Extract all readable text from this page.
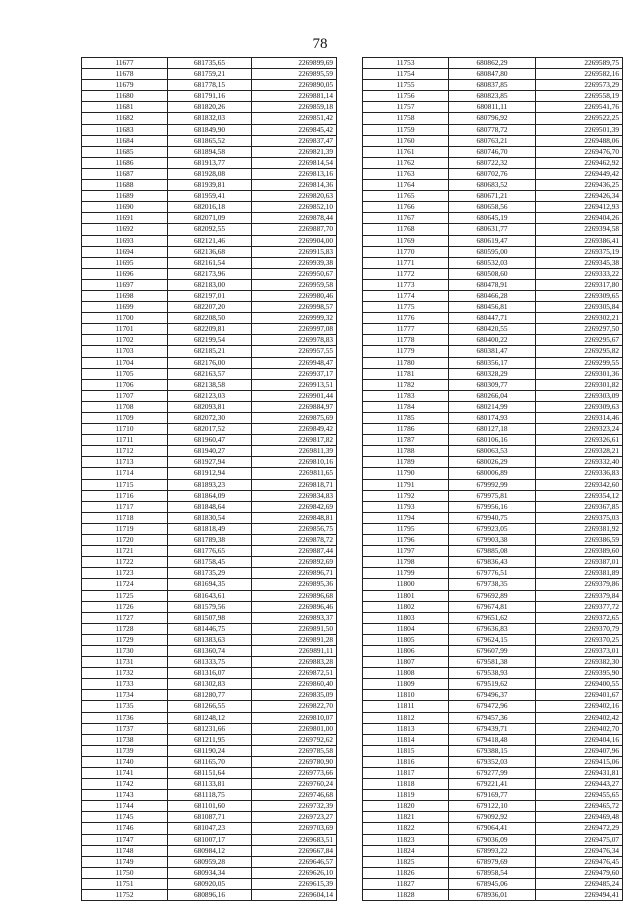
78
11677	681735,65	2269899,69
11678	681759,21	2269895,59
11679	681778,15	2269890,05
11680	681791,16	2269881,14
11681	681820,26	2269859,18
11682	681832,03	2269851,42
11683	681849,90	2269845,42
11684	681865,52	2269837,47
11685	681894,58	2269821,39
11686	681913,77	2269814,54
11687	681928,08	2269813,16
11688	681939,81	2269814,36
11689	681959,41	2269820,63
11690	682016,18	2269852,10
11691	682071,09	2269878,44
11692	682092,55	2269887,70
11693	682121,46	2269904,00
11694	682136,68	2269915,83
11695	682161,54	2269939,38
11696	682173,96	2269950,67
11697	682183,00	2269959,58
11698	682197,01	2269980,46
11699	682207,20	2269998,57
11700	682208,50	2269999,32
11701	682209,81	2269997,08
11702	682199,54	2269978,83
11703	682185,21	2269957,55
11704	682176,00	2269948,47
11705	682163,57	2269937,17
11706	682138,58	2269913,51
11707	682123,03	2269901,44
11708	682093,81	2269884,97
11709	682072,30	2269875,69
11710	682017,52	2269849,42
11711	681960,47	2269817,82
11712	681940,27	2269811,39
11713	681927,94	2269810,16
11714	681912,94	2269811,65
11715	681893,23	2269818,71
11716	681864,09	2269834,83
11717	681848,64	2269842,69
11718	681830,54	2269848,81
11719	681818,49	2269856,75
11720	681789,38	2269878,72
11721	681776,65	2269887,44
11722	681758,45	2269892,69
11723	681735,29	2269896,71
11724	681694,35	2269895,36
11725	681643,61	2269896,68
11726	681579,56	2269896,46
11727	681507,98	2269893,37
11728	681446,75	2269891,50
11729	681383,63	2269891,28
11730	681360,74	2269891,11
11731	681333,75	2269883,28
11732	681316,07	2269872,51
11733	681302,83	2269860,40
11734	681280,77	2269835,09
11735	681266,55	2269822,70
11736	681248,12	2269810,07
11737	681231,66	2269801,00
11738	681211,95	2269792,62
11739	681190,24	2269785,58
11740	681165,70	2269780,90
11741	681151,64	2269773,66
11742	681133,81	2269760,24
11743	681118,75	2269746,68
11744	681101,60	2269732,39
11745	681087,71	2269723,27
11746	681047,23	2269703,69
11747	681007,17	2269683,51
11748	680984,12	2269667,84
11749	680959,28	2269646,57
11750	680934,34	2269626,10
11751	680920,05	2269615,39
11752	680896,16	2269604,14
11753	680862,29	2269589,75
11754	680847,80	2269582,16
11755	680837,85	2269573,29
11756	680823,85	2269558,19
11757	680811,11	2269541,76
11758	680796,92	2269522,25
11759	680778,72	2269501,39
11760	680763,21	2269488,06
11761	680746,70	2269476,70
11762	680722,32	2269462,92
11763	680702,76	2269449,42
11764	680683,52	2269436,25
11765	680671,21	2269426,34
11766	680658,56	2269412,93
11767	680645,19	2269404,26
11768	680631,77	2269394,58
11769	680619,47	2269386,41
11770	680595,00	2269375,19
11771	680532,03	2269345,38
11772	680508,60	2269333,22
11773	680478,91	2269317,80
11774	680466,28	2269309,65
11775	680456,81	2269305,84
11776	680447,71	2269302,21
11777	680420,55	2269297,50
11778	680400,22	2269295,67
11779	680381,47	2269295,82
11780	680356,17	2269299,55
11781	680328,29	2269301,36
11782	680309,77	2269301,82
11783	680266,04	2269303,09
11784	680214,99	2269309,63
11785	680174,93	2269314,46
11786	680127,18	2269323,24
11787	680106,16	2269326,61
11788	680063,53	2269328,21
11789	680026,29	2269332,40
11790	680006,89	2269336,83
11791	679992,99	2269342,60
11792	679975,81	2269354,12
11793	679956,16	2269367,85
11794	679940,75	2269375,03
11795	679923,05	2269381,92
11796	679903,38	2269386,59
11797	679885,08	2269389,60
11798	679836,43	2269387,01
11799	679776,51	2269381,89
11800	679738,35	2269379,86
11801	679692,89	2269379,84
11802	679674,81	2269377,72
11803	679651,62	2269372,65
11804	679636,83	2269370,79
11805	679624,15	2269370,25
11806	679607,99	2269373,01
11807	679581,38	2269382,30
11808	679538,93	2269395,90
11809	679519,62	2269400,55
11810	679496,37	2269401,67
11811	679472,96	2269402,16
11812	679457,36	2269402,42
11813	679439,71	2269402,70
11814	679418,48	2269404,16
11815	679388,15	2269407,96
11816	679352,03	2269415,06
11817	679277,99	2269431,81
11818	679221,41	2269443,27
11819	679169,77	2269455,65
11820	679122,10	2269465,72
11821	679092,92	2269469,48
11822	679064,41	2269472,29
11823	679036,09	2269475,07
11824	678993,22	2269476,34
11825	678979,69	2269476,45
11826	678958,54	2269479,60
11827	678945,06	2269485,24
11828	678936,01	2269494,41
